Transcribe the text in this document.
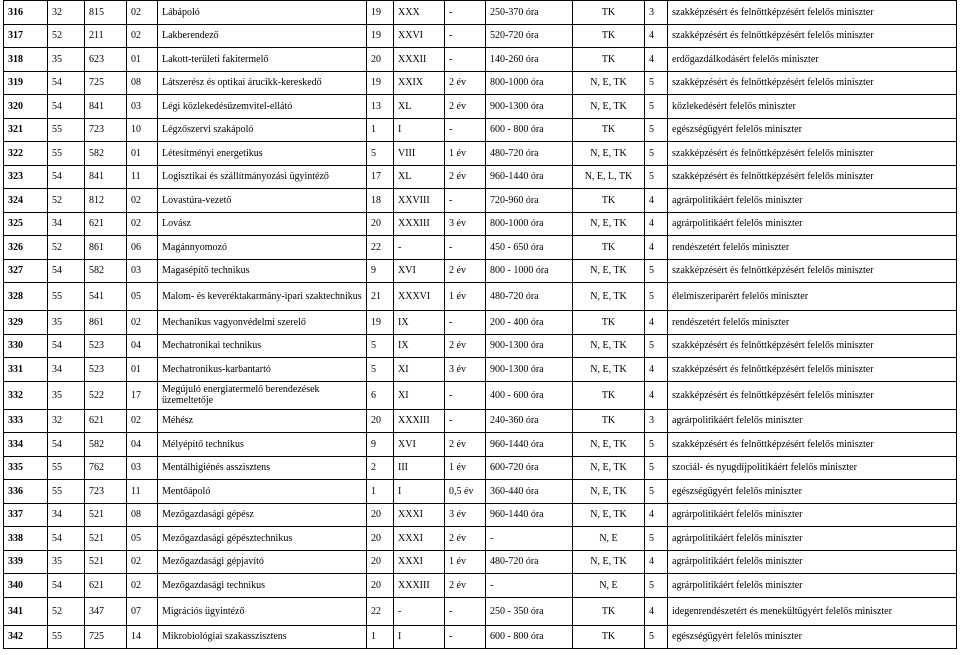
316	32	815	02	Lábápoló	19	XXX	-	250-370 óra	TK	3	szakképzésért és felnőttképzésért felelős miniszter
317	52	211	02	Lakberendező	19	XXVI	-	520-720 óra	TK	4	szakképzésért és felnőttképzésért felelős miniszter
318	35	623	01	Lakott-területi fakitermelő	20	XXXII	-	140-260 óra	TK	4	erdőgazdálkodásért felelős miniszter
319	54	725	08	Látszerész és optikai árucikk-kereskedő	19	XXIX	2 év	800-1000 óra	N, E, TK	5	szakképzésért és felnőttképzésért felelős miniszter
320	54	841	03	Légi közlekedésüzemvitel-ellátó	13	XL	2 év	900-1300 óra	N, E, TK	5	közlekedésért felelős miniszter
321	55	723	10	Légzőszervi szakápoló	1	I	-	600 - 800 óra	TK	5	egészségügyért felelős miniszter
322	55	582	01	Létesítményi energetikus	5	VIII	1 év	480-720 óra	N, E, TK	5	szakképzésért és felnőttképzésért felelős miniszter
323	54	841	11	Logisztikai és szállítmányozási ügyintéző	17	XL	2 év	960-1440 óra	N, E, L, TK	5	szakképzésért és felnőttképzésért felelős miniszter
324	52	812	02	Lovastúra-vezető	18	XXVIII	-	720-960 óra	TK	4	agrárpolitikáért felelős miniszter
325	34	621	02	Lovász	20	XXXIII	3 év	800-1000 óra	N, E, TK	4	agrárpolitikáért felelős miniszter
326	52	861	06	Magánnyomozó	22	-	-	450 - 650 óra	TK	4	rendészetért felelős miniszter
327	54	582	03	Magasépítő technikus	9	XVI	2 év	800 - 1000 óra	N, E, TK	5	szakképzésért és felnőttképzésért felelős miniszter
328	55	541	05	Malom- és keveréktakarmány-ipari szaktechnikus	21	XXXVI	1 év	480-720 óra	N, E, TK	5	élelmiszeriparért felelős miniszter
329	35	861	02	Mechanikus vagyonvédelmi szerelő	19	IX	-	200 - 400 óra	TK	4	rendészetért felelős miniszter
330	54	523	04	Mechatronikai technikus	5	IX	2 év	900-1300 óra	N, E, TK	5	szakképzésért és felnőttképzésért felelős miniszter
331	34	523	01	Mechatronikus-karbantartó	5	XI	3 év	900-1300 óra	N, E, TK	4	szakképzésért és felnőttképzésért felelős miniszter
332	35	522	17	Megújuló energiatermelő berendezések üzemeltetője	6	XI	-	400 - 600 óra	TK	4	szakképzésért és felnőttképzésért felelős miniszter
333	32	621	02	Méhész	20	XXXIII	-	240-360 óra	TK	3	agrárpolitikáért felelős miniszter
334	54	582	04	Mélyépítő technikus	9	XVI	2 év	960-1440 óra	N, E, TK	5	szakképzésért és felnőttképzésért felelős miniszter
335	55	762	03	Mentálhigiénés asszisztens	2	III	1 év	600-720 óra	N, E, TK	5	szociál- és nyugdíjpolitikáért felelős miniszter
336	55	723	11	Mentőápoló	1	I	0,5 év	360-440 óra	N, E, TK	5	egészségügyért felelős miniszter
337	34	521	08	Mezőgazdasági gépész	20	XXXI	3 év	960-1440 óra	N, E, TK	4	agrárpolitikáért felelős miniszter
338	54	521	05	Mezőgazdasági gépésztechnikus	20	XXXI	2 év	-	N, E	5	agrárpolitikáért felelős miniszter
339	35	521	02	Mezőgazdasági gépjavító	20	XXXI	1 év	480-720 óra	N, E, TK	4	agrárpolitikáért felelős miniszter
340	54	621	02	Mezőgazdasági technikus	20	XXXIII	2 év	-	N, E	5	agrárpolitikáért felelős miniszter
341	52	347	07	Migrációs ügyintéző	22	-	-	250 - 350 óra	TK	4	idegenrendészetért és menekültügyért felelős miniszter
342	55	725	14	Mikrobiológiai szakasszisztens	1	I	-	600 - 800 óra	TK	5	egészségügyért felelős miniszter
